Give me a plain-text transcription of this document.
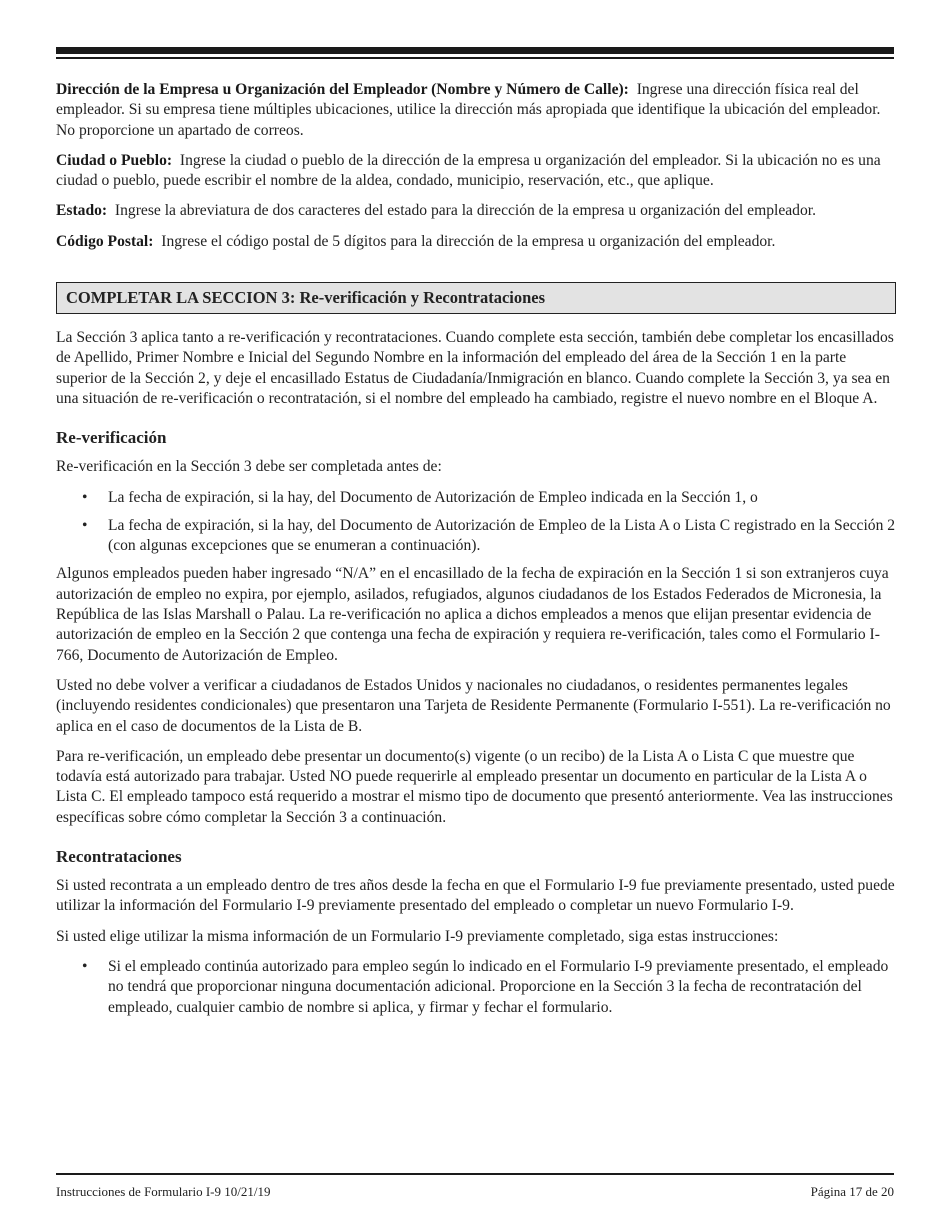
Dirección de la Empresa u Organización del Empleador (Nombre y Número de Calle): Ingrese una dirección física real del empleador. Si su empresa tiene múltiples ubicaciones, utilice la dirección más apropiada que identifique la ubicación del empleador. No proporcione un apartado de correos.

Ciudad o Pueblo: Ingrese la ciudad o pueblo de la dirección de la empresa u organización del empleador. Si la ubicación no es una ciudad o pueblo, puede escribir el nombre de la aldea, condado, municipio, reservación, etc., que aplique.

Estado: Ingrese la abreviatura de dos caracteres del estado para la dirección de la empresa u organización del empleador.

Código Postal: Ingrese el código postal de 5 dígitos para la dirección de la empresa u organización del empleador.

COMPLETAR LA SECCION 3: Re-verificación y Recontrataciones

La Sección 3 aplica tanto a re-verificación y recontrataciones. Cuando complete esta sección, también debe completar los encasillados de Apellido, Primer Nombre e Inicial del Segundo Nombre en la información del empleado del área de la Sección 1 en la parte superior de la Sección 2, y deje el encasillado Estatus de Ciudadanía/Inmigración en blanco. Cuando complete la Sección 3, ya sea en una situación de re-verificación o recontratación, si el nombre del empleado ha cambiado, registre el nuevo nombre en el Bloque A.

Re-verificación

Re-verificación en la Sección 3 debe ser completada antes de:

• La fecha de expiración, si la hay, del Documento de Autorización de Empleo indicada en la Sección 1, o
• La fecha de expiración, si la hay, del Documento de Autorización de Empleo de la Lista A o Lista C registrado en la Sección 2 (con algunas excepciones que se enumeran a continuación).

Algunos empleados pueden haber ingresado “N/A” en el encasillado de la fecha de expiración en la Sección 1 si son extranjeros cuya autorización de empleo no expira, por ejemplo, asilados, refugiados, algunos ciudadanos de los Estados Federados de Micronesia, la República de las Islas Marshall o Palau. La re-verificación no aplica a dichos empleados a menos que elijan presentar evidencia de autorización de empleo en la Sección 2 que contenga una fecha de expiración y requiera re-verificación, tales como el Formulario I-766, Documento de Autorización de Empleo.

Usted no debe volver a verificar a ciudadanos de Estados Unidos y nacionales no ciudadanos, o residentes permanentes legales (incluyendo residentes condicionales) que presentaron una Tarjeta de Residente Permanente (Formulario I-551). La re-verificación no aplica en el caso de documentos de la Lista de B.

Para re-verificación, un empleado debe presentar un documento(s) vigente (o un recibo) de la Lista A o Lista C que muestre que todavía está autorizado para trabajar. Usted NO puede requerirle al empleado presentar un documento en particular de la Lista A o Lista C. El empleado tampoco está requerido a mostrar el mismo tipo de documento que presentó anteriormente. Vea las instrucciones específicas sobre cómo completar la Sección 3 a continuación.

Recontrataciones

Si usted recontrata a un empleado dentro de tres años desde la fecha en que el Formulario I-9 fue previamente presentado, usted puede utilizar la información del Formulario I-9 previamente presentado del empleado o completar un nuevo Formulario I-9.

Si usted elige utilizar la misma información de un Formulario I-9 previamente completado, siga estas instrucciones:

• Si el empleado continúa autorizado para empleo según lo indicado en el Formulario I-9 previamente presentado, el empleado no tendrá que proporcionar ninguna documentación adicional. Proporcione en la Sección 3 la fecha de recontratación del empleado, cualquier cambio de nombre si aplica, y firmar y fechar el formulario.
Instrucciones de Formulario I-9 10/21/19	Página 17 de 20
